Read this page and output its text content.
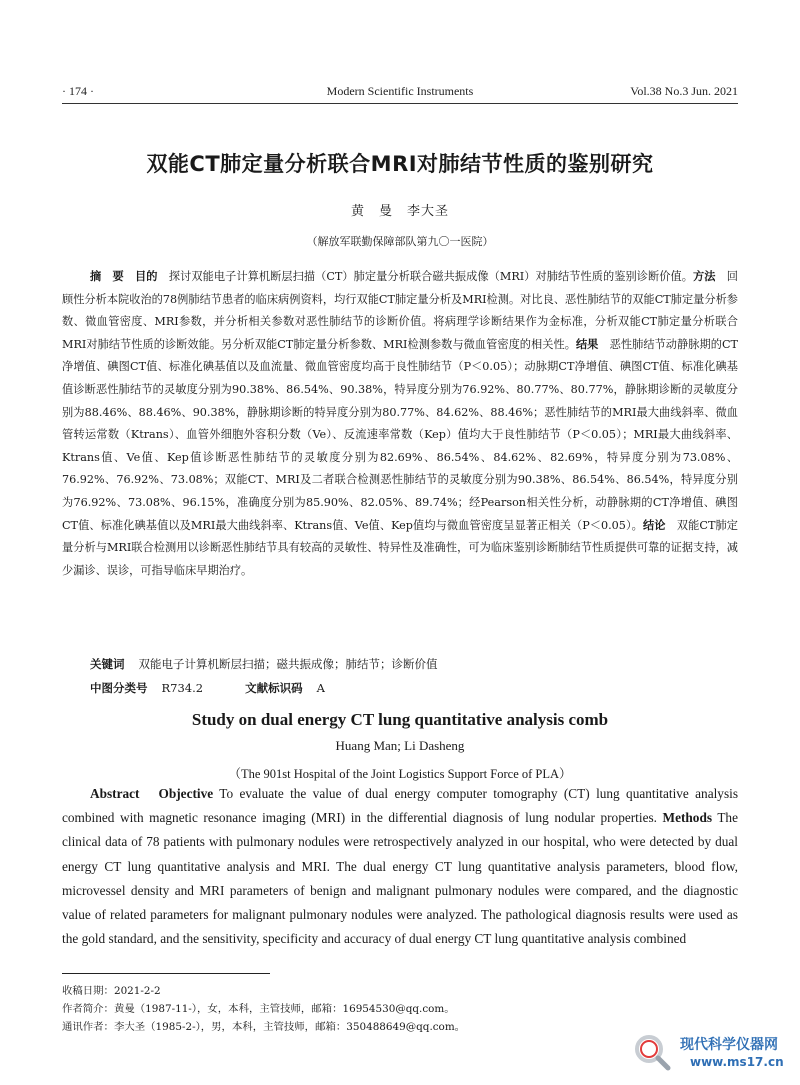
· 174 ·	Modern Scientific Instruments	Vol.38 No.3 Jun. 2021
双能CT肺定量分析联合MRI对肺结节性质的鉴别研究
黄　曼　李大圣
（解放军联勤保障部队第九〇一医院）
摘　要　 目的　 探讨双能电子计算机断层扫描（CT）肺定量分析联合磁共振成像（MRI）对肺结节性质的鉴别诊断价值。方法　 回顾性分析本院收治的78例肺结节患者的临床病例资料，均行双能CT肺定量分析及MRI检测。对比良、恶性肺结节的双能CT肺定量分析参数、微血管密度、MRI参数，并分析相关参数对恶性肺结节的诊断价值。将病理学诊断结果作为金标准，分析双能CT肺定量分析联合MRI对肺结节性质的诊断效能。另分析双能CT肺定量分析参数、MRI检测参数与微血管密度的相关性。结果　 恶性肺结节动静脉期的CT净增值、碘图CT值、标准化碘基值以及血流量、微血管密度均高于良性肺结节（P＜0.05）；动脉期CT净增值、碘图CT值、标准化碘基值诊断恶性肺结节的灵敏度分别为90.38%、86.54%、90.38%，特异度分别为76.92%、80.77%、80.77%，静脉期诊断的灵敏度分别为88.46%、88.46%、90.38%，静脉期诊断的特异度分别为80.77%、84.62%、88.46%；恶性肺结节的MRI最大曲线斜率、微血管转运常数（Ktrans）、血管外细胞外容积分数（Ve）、反流速率常数（Kep）值均大于良性肺结节（P＜0.05）；MRI最大曲线斜率、Ktrans值、Ve值、Kep值诊断恶性肺结节的灵敏度分别为82.69%、86.54%、84.62%、82.69%，特异度分别为73.08%、76.92%、76.92%、73.08%；双能CT、MRI及二者联合检测恶性肺结节的灵敏度分别为90.38%、86.54%、86.54%，特异度分别为76.92%、73.08%、96.15%，准确度分别为85.90%、82.05%、89.74%；经Pearson相关性分析，动静脉期的CT净增值、碘图CT值、标准化碘基值以及MRI最大曲线斜率、Ktrans值、Ve值、Kep值均与微血管密度呈显著正相关（P＜0.05）。结论　 双能CT肺定量分析与MRI联合检测用以诊断恶性肺结节具有较高的灵敏性、特异性及准确性，可为临床鉴别诊断肺结节性质提供可靠的证据支持，减少漏诊、误诊，可指导临床早期治疗。
关键词 双能电子计算机断层扫描；磁共振成像；肺结节；诊断价值
中图分类号 R734.2	文献标识码 A
Study on dual energy CT lung quantitative analysis comb
Huang Man; Li Dasheng
（The 901st Hospital of the Joint Logistics Support Force of PLA）
Abstract Objective To evaluate the value of dual energy computer tomography (CT) lung quantitative analysis combined with magnetic resonance imaging (MRI) in the differential diagnosis of lung nodular properties. Methods The clinical data of 78 patients with pulmonary nodules were retrospectively analyzed in our hospital, who were detected by dual energy CT lung quantitative analysis and MRI. The dual energy CT lung quantitative analysis parameters, blood flow, microvessel density and MRI parameters of benign and malignant pulmonary nodules were compared, and the diagnostic value of related parameters for malignant pulmonary nodules were analyzed. The pathological diagnosis results were used as the gold standard, and the sensitivity, specificity and accuracy of dual energy CT lung quantitative analysis combined
收稿日期：2021-2-2
作者简介：黄曼（1987-11-），女，本科，主管技师，邮箱：16954530@qq.com。
通讯作者：李大圣（1985-2-），男，本科，主管技师，邮箱：350488649@qq.com。
现代科学仪器网
www.ms17.cn
